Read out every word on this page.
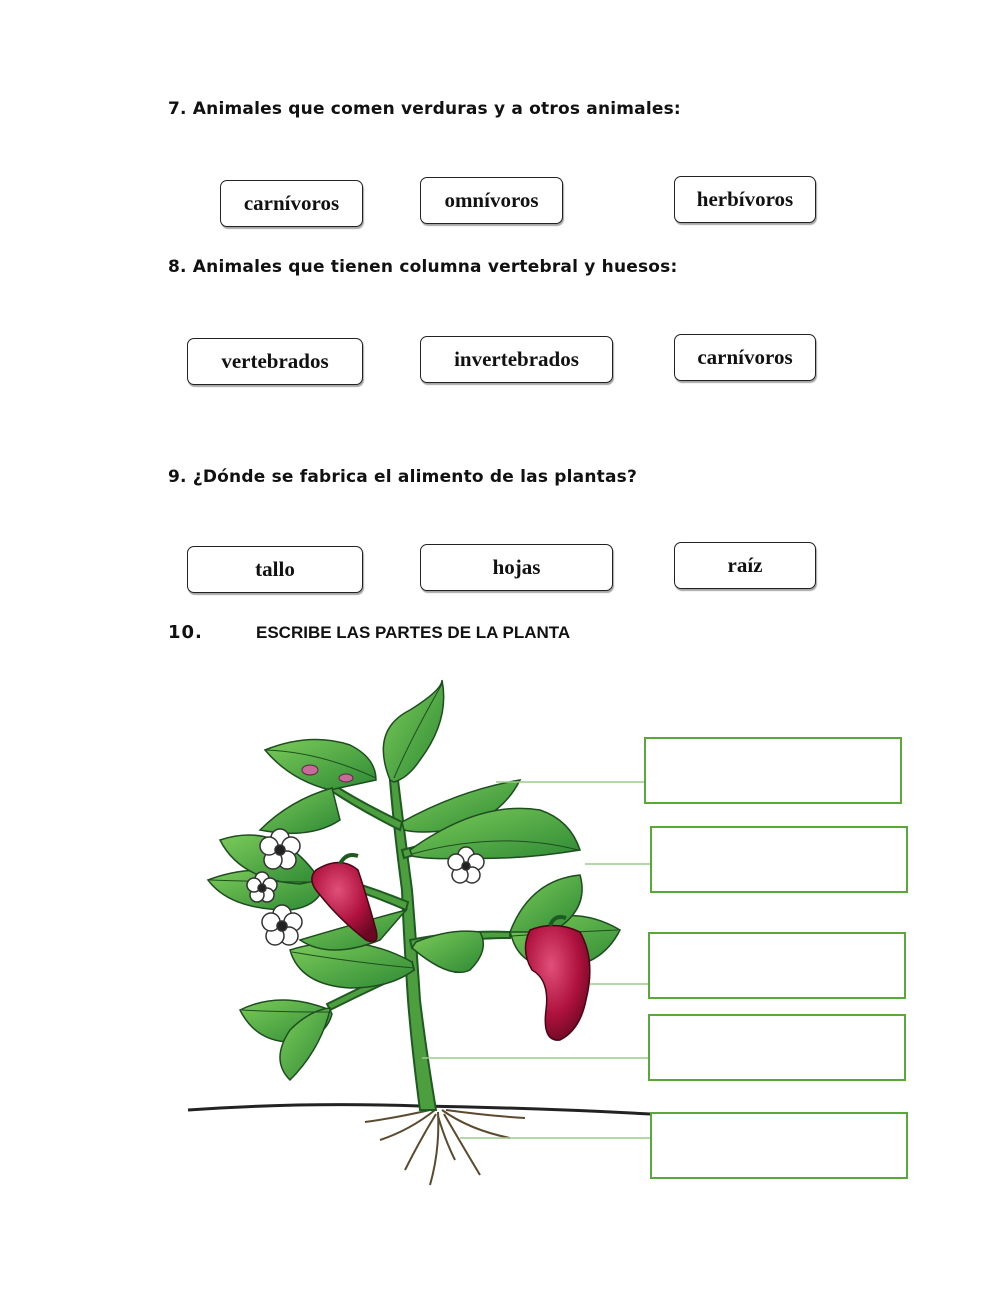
7. Animales que comen verduras y a otros animales:
carnívoros	omnívoros	herbívoros
8. Animales que tienen columna vertebral y huesos:
vertebrados	invertebrados	carnívoros
9. ¿Dónde se fabrica el alimento de las plantas?
tallo	hojas	raíz
10.	ESCRIBE LAS PARTES DE LA PLANTA
